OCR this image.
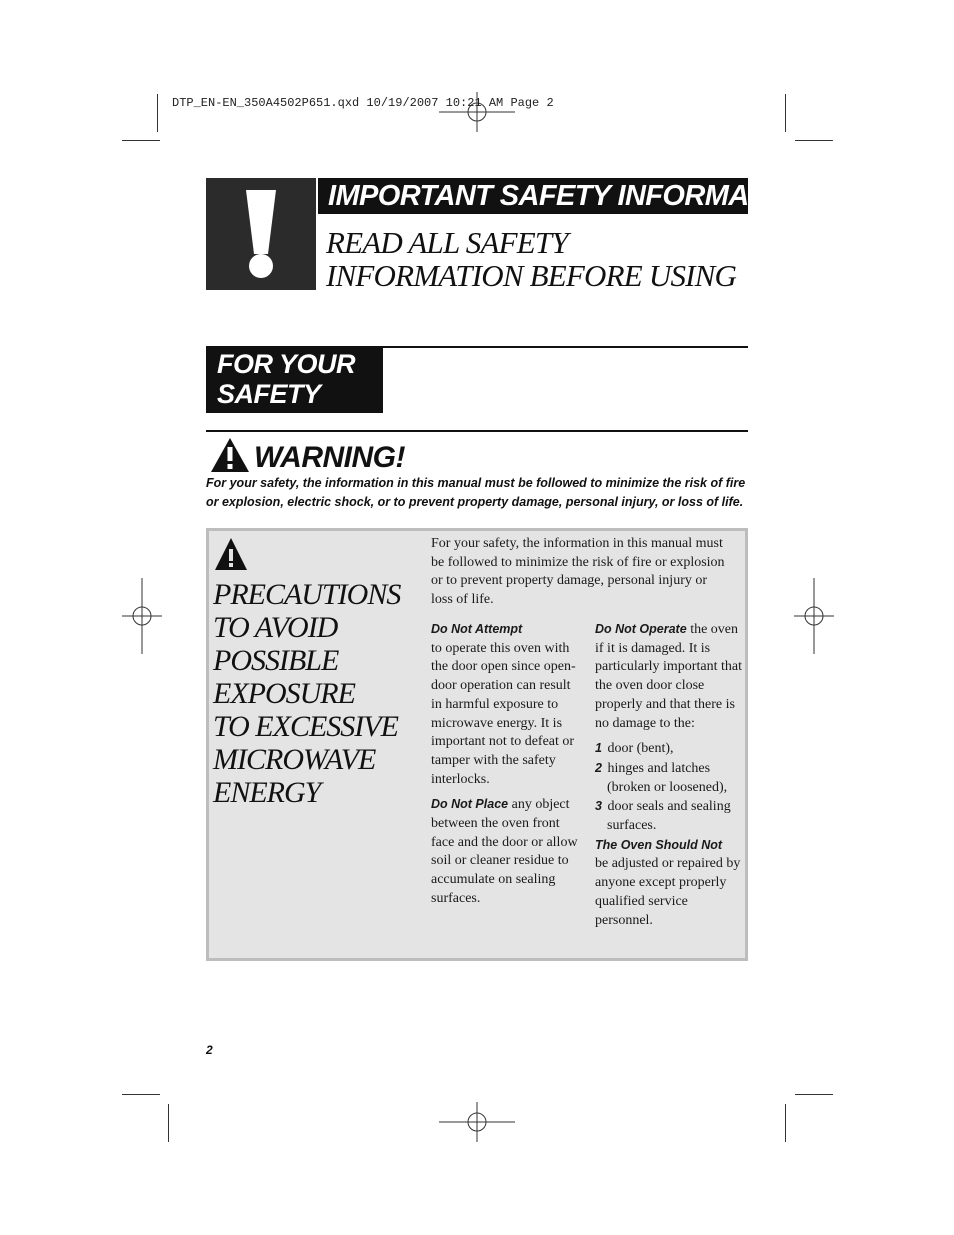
DTP_EN-EN_350A4502P651.qxd 10/19/2007 10:21 AM Page 2
IMPORTANT SAFETY INFORMATION
READ ALL SAFETY
INFORMATION BEFORE USING
FOR YOUR
SAFETY
WARNING!
For your safety, the information in this manual must be followed to minimize the risk of fire or explosion, electric shock, or to prevent property damage, personal injury, or loss of life.
PRECAUTIONS
TO AVOID
POSSIBLE
EXPOSURE
TO EXCESSIVE
MICROWAVE
ENERGY
For your safety, the information in this manual must be followed to minimize the risk of fire or explosion or to prevent property damage, personal injury or loss of life.

Do Not Attempt
to operate this oven with the door open since open-door operation can result in harmful exposure to microwave energy. It is important not to defeat or tamper with the safety interlocks.

Do Not Place any object between the oven front face and the door or allow soil or cleaner residue to accumulate on sealing surfaces.

Do Not Operate the oven if it is damaged. It is particularly important that the oven door close properly and that there is no damage to the:

1 door (bent),

2 hinges and latches (broken or loosened),

3 door seals and sealing surfaces.

The Oven Should Not
be adjusted or repaired by anyone except properly qualified service personnel.

2
